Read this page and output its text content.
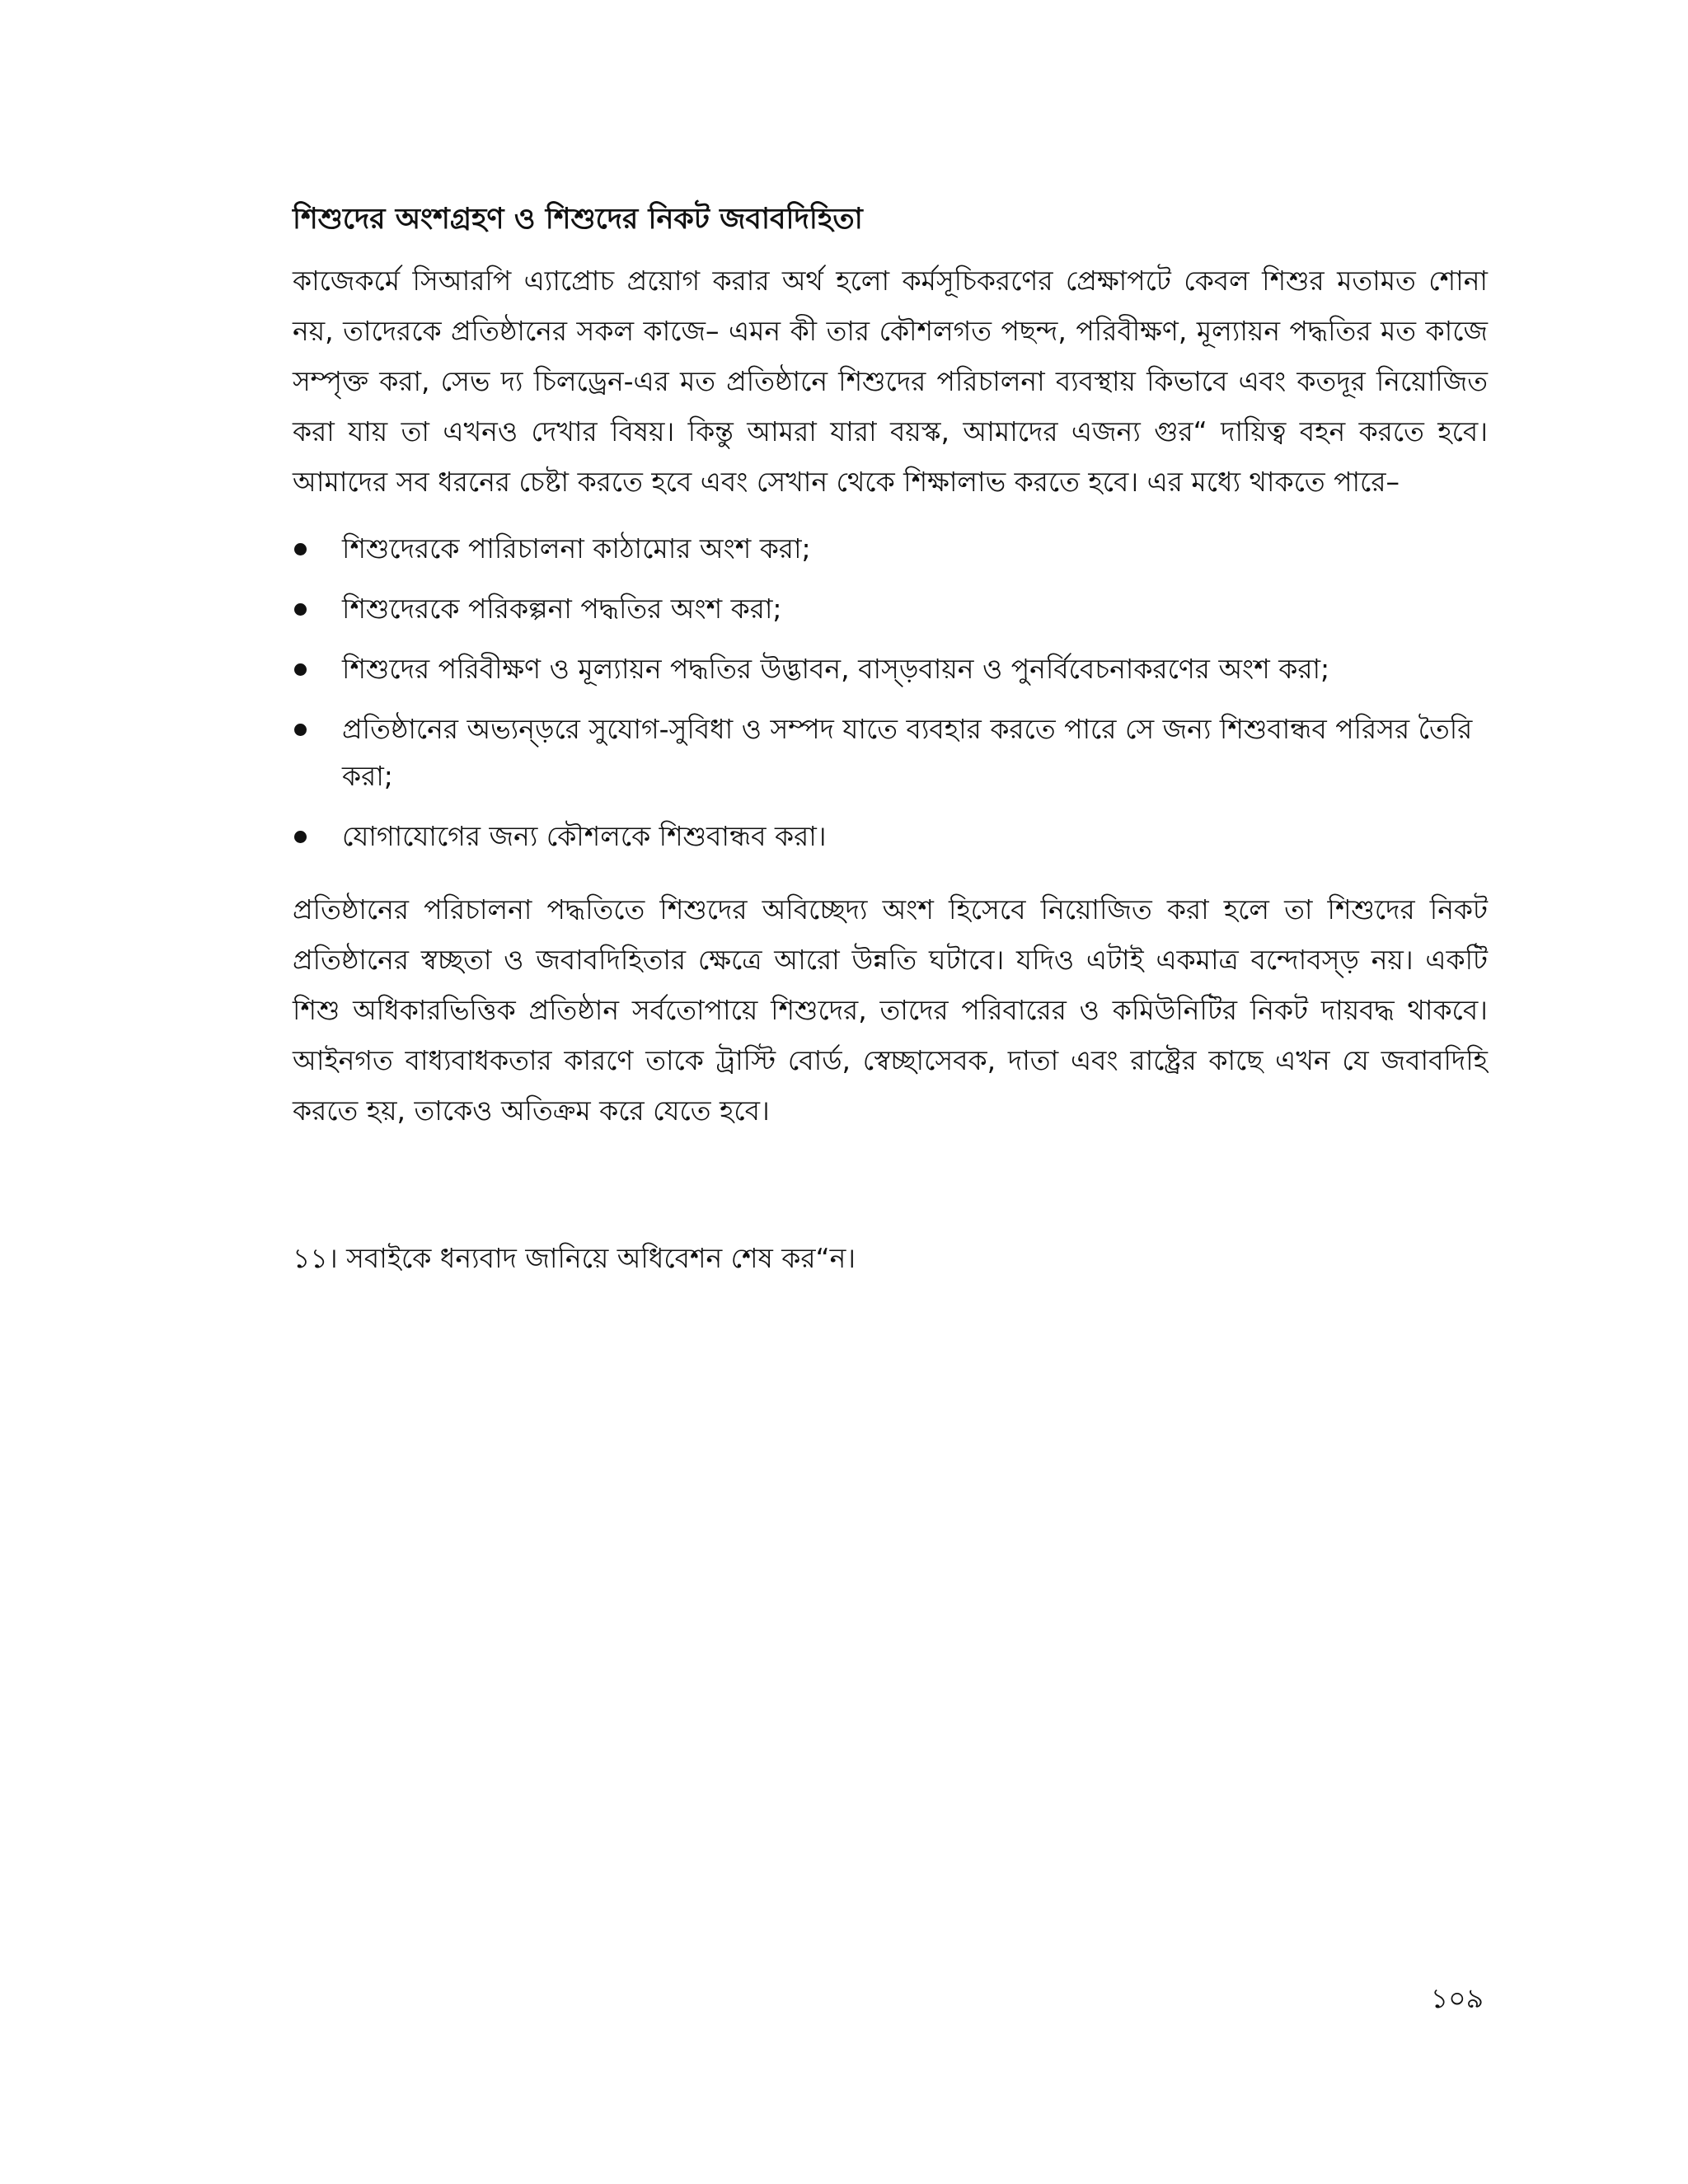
শিশুদের অংশগ্রহণ ও শিশুদের নিকট জবাবদিহিতা

কাজেকর্মে সিআরপি এ্যাপ্রোচ প্রয়োগ করার অর্থ হলো কর্মসূচিকরণের প্রেক্ষাপটে কেবল শিশুর মতামত শোনা নয়, তাদেরকে প্রতিষ্ঠানের সকল কাজে– এমন কী তার কৌশলগত পছন্দ, পরিবীক্ষণ, মূল্যায়ন পদ্ধতির মত কাজে সম্পৃক্ত করা, সেভ দ্য চিলড্রেন-এর মত প্রতিষ্ঠানে শিশুদের পরিচালনা ব্যবস্থায় কিভাবে এবং কতদূর নিয়োজিত করা যায় তা এখনও দেখার বিষয়। কিন্তু আমরা যারা বয়স্ক, আমাদের এজন্য গুর“ দায়িত্ব বহন করতে হবে। আমাদের সব ধরনের চেষ্টা করতে হবে এবং সেখান থেকে শিক্ষালাভ করতে হবে। এর মধ্যে থাকতে পারে–

শিশুদেরকে পারিচালনা কাঠামোর অংশ করা;
শিশুদেরকে পরিকল্পনা পদ্ধতির অংশ করা;
শিশুদের পরিবীক্ষণ ও মূল্যায়ন পদ্ধতির উদ্ভাবন, বাস্ড়বায়ন ও পুনর্বিবেচনাকরণের অংশ করা;
প্রতিষ্ঠানের অভ্যন্ড়রে সুযোগ-সুবিধা ও সম্পদ যাতে ব্যবহার করতে পারে সে জন্য শিশুবান্ধব পরিসর তৈরি করা;
যোগাযোগের জন্য কৌশলকে শিশুবান্ধব করা।

প্রতিষ্ঠানের পরিচালনা পদ্ধতিতে শিশুদের অবিচ্ছেদ্য অংশ হিসেবে নিয়োজিত করা হলে তা শিশুদের নিকট প্রতিষ্ঠানের স্বচ্ছতা ও জবাবদিহিতার ক্ষেত্রে আরো উন্নতি ঘটাবে। যদিও এটাই একমাত্র বন্দোবস্ড় নয়। একটি শিশু অধিকারভিত্তিক প্রতিষ্ঠান সর্বতোপায়ে শিশুদের, তাদের পরিবারের ও কমিউনিটির নিকট দায়বদ্ধ থাকবে। আইনগত বাধ্যবাধকতার কারণে তাকে ট্রাস্টি বোর্ড, স্বেচ্ছাসেবক, দাতা এবং রাষ্ট্রের কাছে এখন যে জবাবদিহি করতে হয়, তাকেও অতিক্রম করে যেতে হবে।

১১। সবাইকে ধন্যবাদ জানিয়ে অধিবেশন শেষ কর“ন।

১০৯
